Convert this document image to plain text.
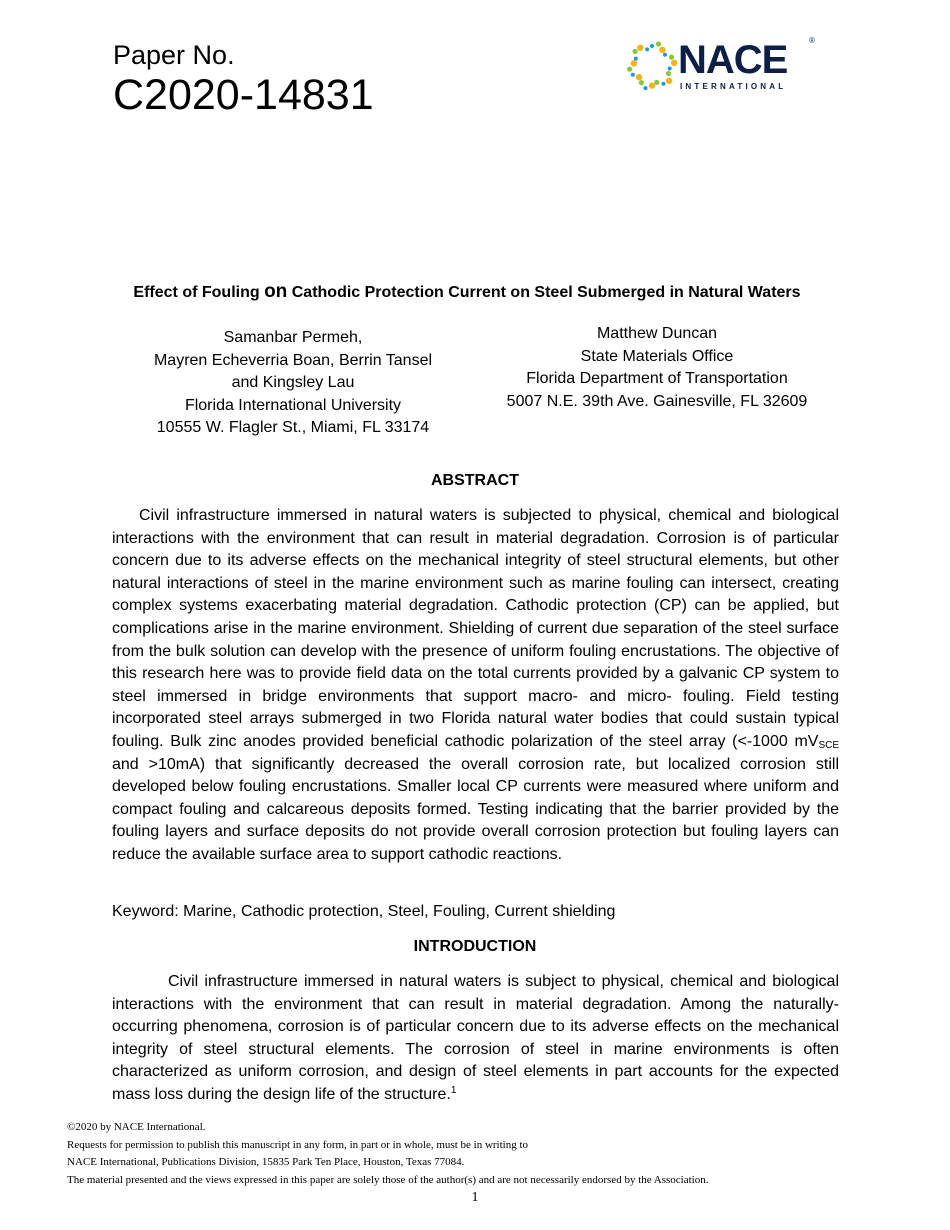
Paper No.
C2020-14831
NACE
INTERNATIONAL
®
Effect of Fouling on Cathodic Protection Current on Steel Submerged in Natural Waters
Samanbar Permeh,
Mayren Echeverria Boan, Berrin Tansel
and Kingsley Lau
Florida International University
10555 W. Flagler St., Miami, FL 33174
Matthew Duncan
State Materials Office
Florida Department of Transportation
5007 N.E. 39th Ave. Gainesville, FL 32609
ABSTRACT

Civil infrastructure immersed in natural waters is subjected to physical, chemical and biological interactions with the environment that can result in material degradation. Corrosion is of particular concern due to its adverse effects on the mechanical integrity of steel structural elements, but other natural interactions of steel in the marine environment such as marine fouling can intersect, creating complex systems exacerbating material degradation. Cathodic protection (CP) can be applied, but complications arise in the marine environment. Shielding of current due separation of the steel surface from the bulk solution can develop with the presence of uniform fouling encrustations. The objective of this research here was to provide field data on the total currents provided by a galvanic CP system to steel immersed in bridge environments that support macro- and micro- fouling. Field testing incorporated steel arrays submerged in two Florida natural water bodies that could sustain typical fouling. Bulk zinc anodes provided beneficial cathodic polarization of the steel array (<-1000 $mV_{SCE}$ and >10mA) that significantly decreased the overall corrosion rate, but localized corrosion still developed below fouling encrustations. Smaller local CP currents were measured where uniform and compact fouling and calcareous deposits formed. Testing indicating that the barrier provided by the fouling layers and surface deposits do not provide overall corrosion protection but fouling layers can reduce the available surface area to support cathodic reactions.

Keyword: Marine, Cathodic protection, Steel, Fouling, Current shielding

INTRODUCTION

Civil infrastructure immersed in natural waters is subject to physical, chemical and biological interactions with the environment that can result in material degradation. Among the naturally-occurring phenomena, corrosion is of particular concern due to its adverse effects on the mechanical integrity of steel structural elements. The corrosion of steel in marine environments is often characterized as uniform corrosion, and design of steel elements in part accounts for the expected mass loss during the design life of the structure.$^1$

©2020 by NACE International.
Requests for permission to publish this manuscript in any form, in part or in whole, must be in writing to
NACE International, Publications Division, 15835 Park Ten Place, Houston, Texas 77084.
The material presented and the views expressed in this paper are solely those of the author(s) and are not necessarily endorsed by the Association.
1
